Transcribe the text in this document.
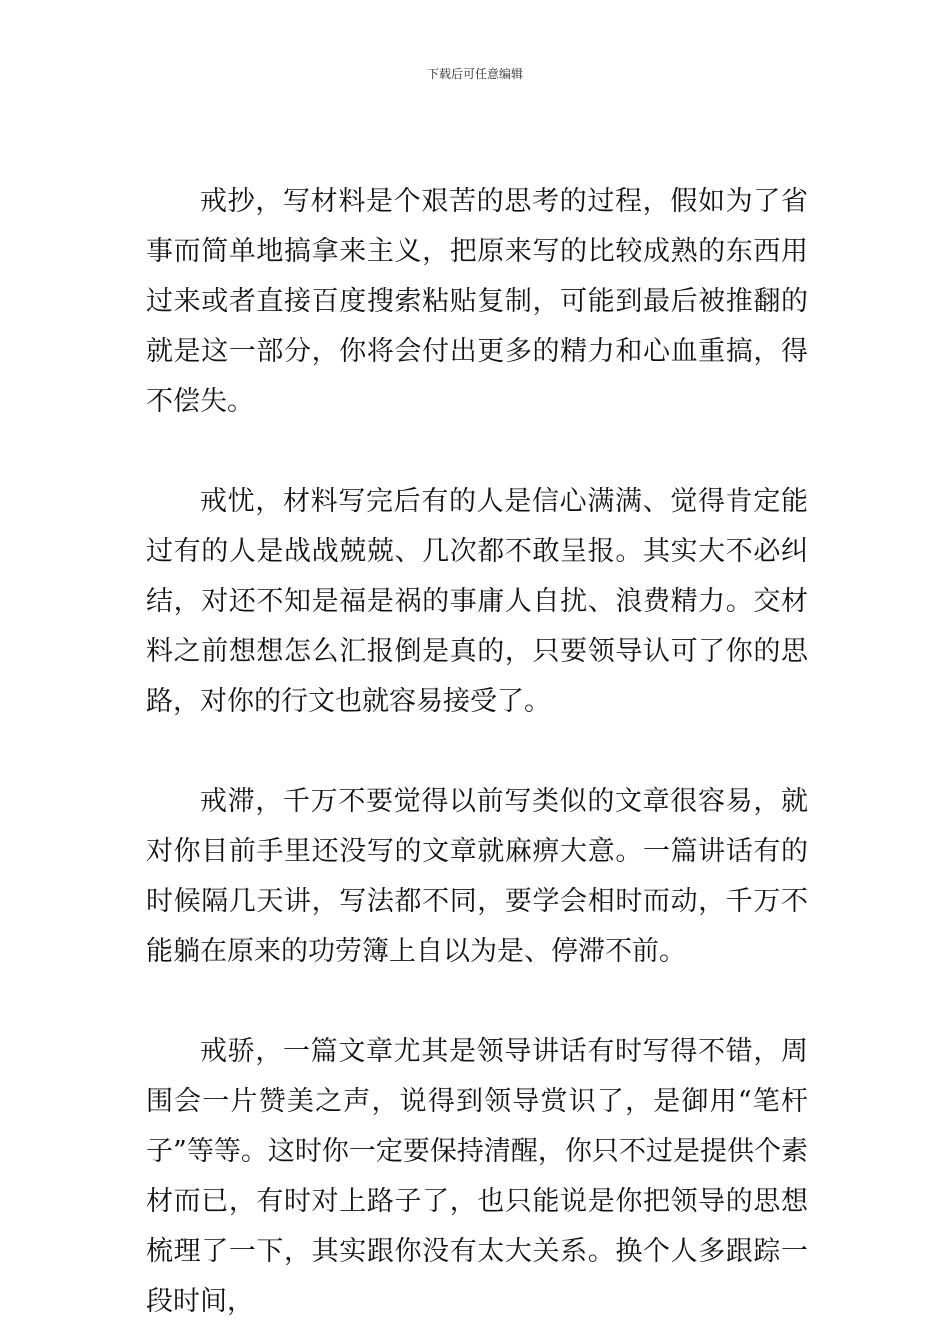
下载后可任意编辑

戒抄，写材料是个艰苦的思考的过程，假如为了省事而简单地搞拿来主义，把原来写的比较成熟的东西用过来或者直接百度搜索粘贴复制，可能到最后被推翻的就是这一部分，你将会付出更多的精力和心血重搞，得不偿失。

戒忧，材料写完后有的人是信心满满、觉得肯定能过有的人是战战兢兢、几次都不敢呈报。其实大不必纠结，对还不知是福是祸的事庸人自扰、浪费精力。交材料之前想想怎么汇报倒是真的，只要领导认可了你的思路，对你的行文也就容易接受了。

戒滞，千万不要觉得以前写类似的文章很容易，就对你目前手里还没写的文章就麻痹大意。一篇讲话有的时候隔几天讲，写法都不同，要学会相时而动，千万不能躺在原来的功劳簿上自以为是、停滞不前。

戒骄，一篇文章尤其是领导讲话有时写得不错，周围会一片赞美之声，说得到领导赏识了，是御用“笔杆子”等等。这时你一定要保持清醒，你只不过是提供个素材而已，有时对上路子了，也只能说是你把领导的思想梳理了一下，其实跟你没有太大关系。换个人多跟踪一段时间，
